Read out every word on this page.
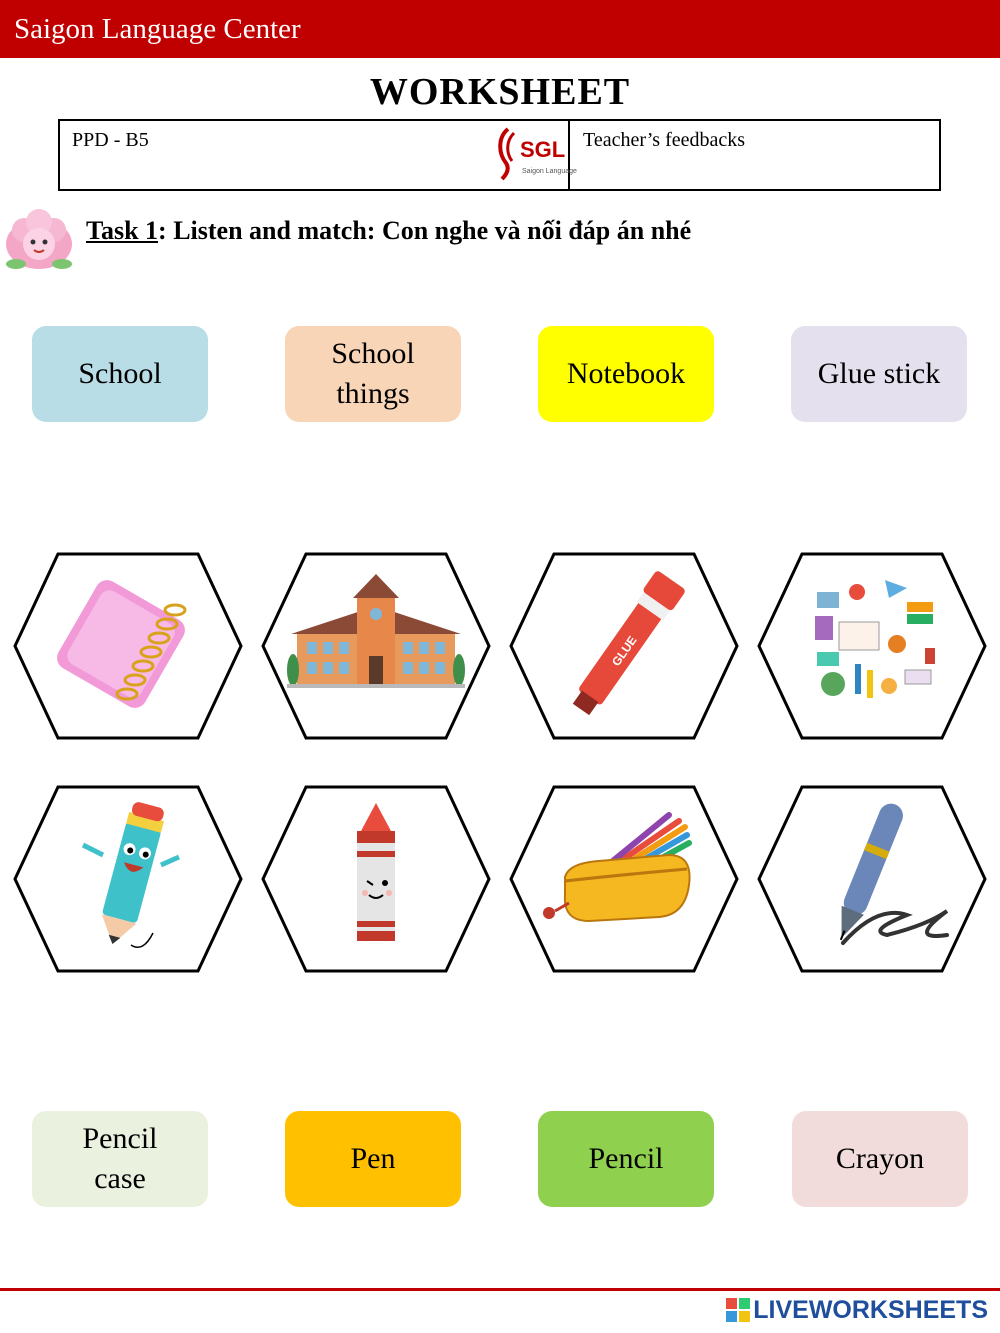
Saigon Language Center
WORKSHEET
PPD - B5	SGL
Saigon Language
Teacher’s feedbacks
Task 1: Listen and match: Con nghe và nối đáp án nhé
School
School things
Notebook	Glue stick
GLUE
Pencil case
Pen	Pencil	Crayon
LIVEWORKSHEETS
